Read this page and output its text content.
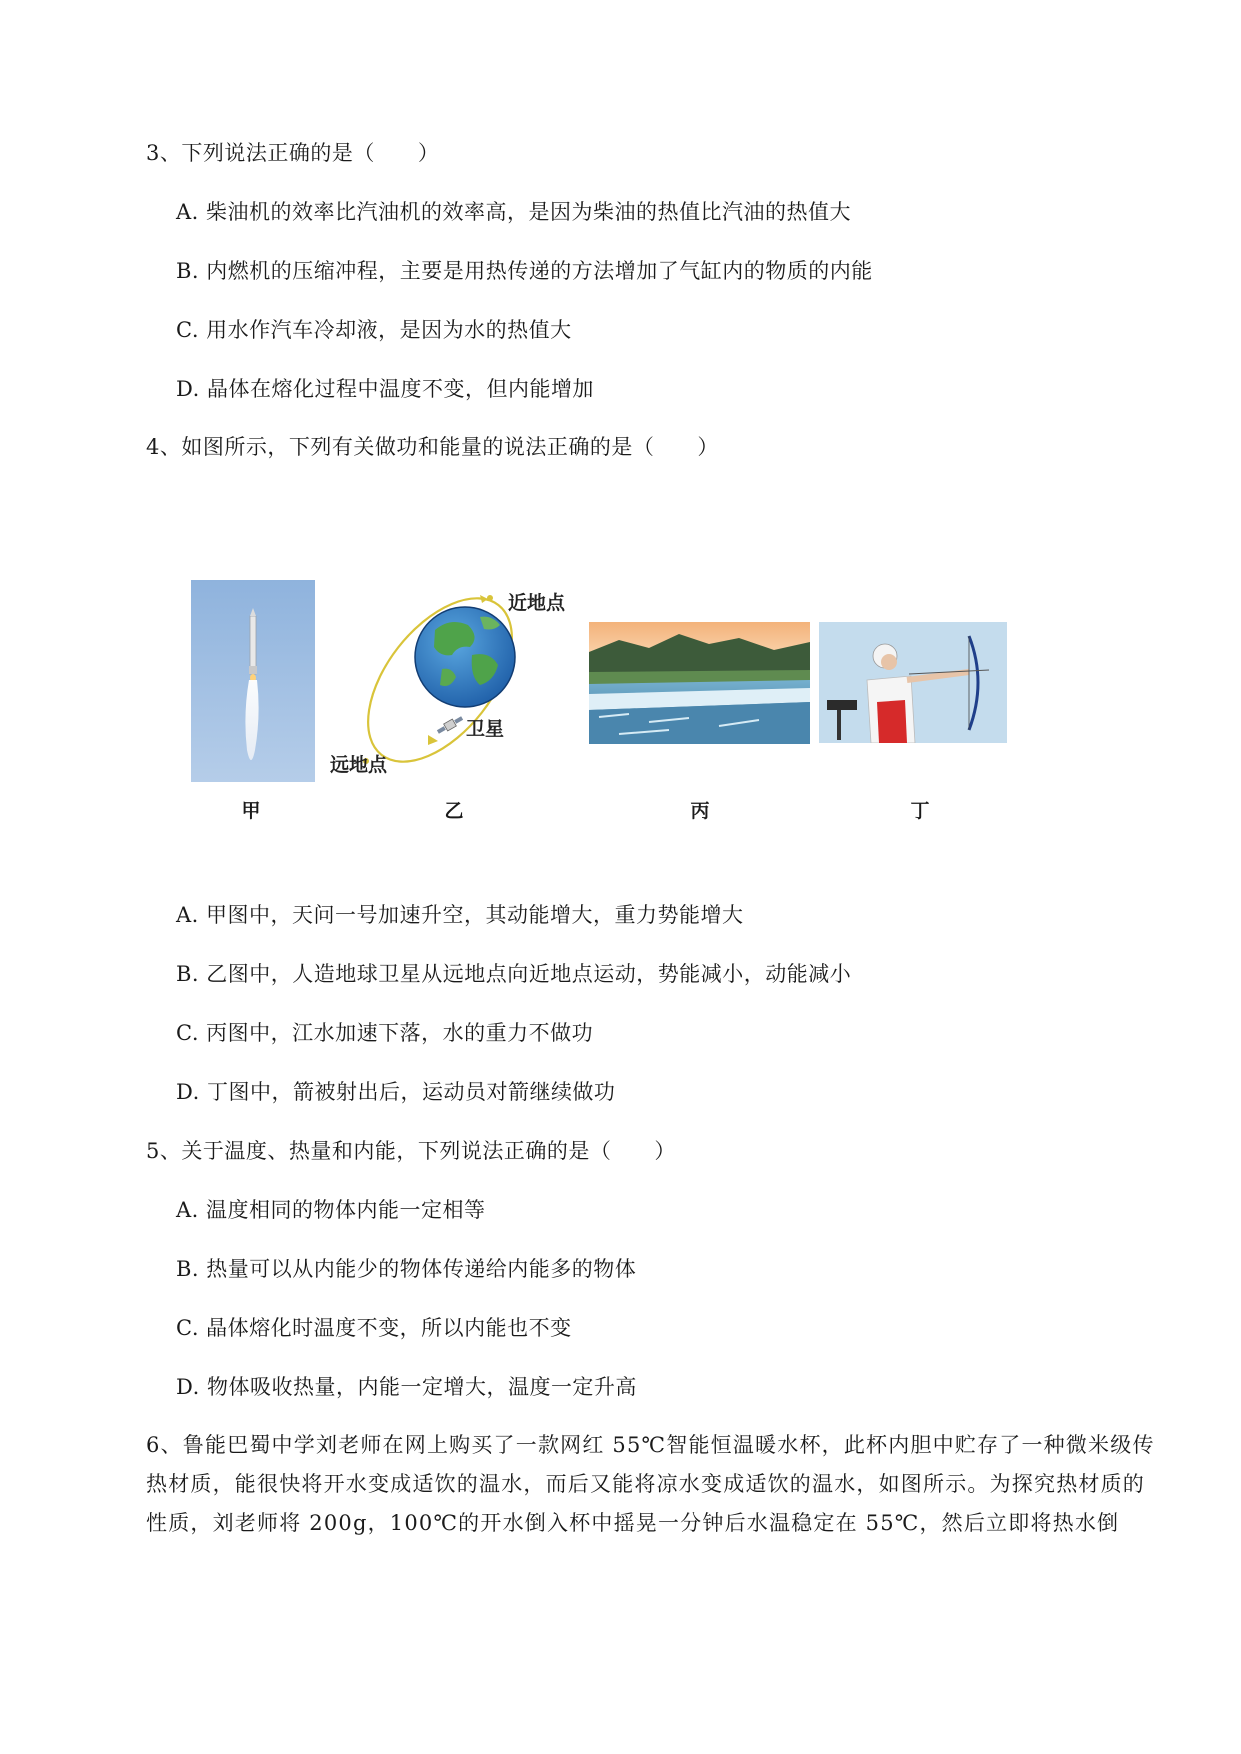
3、下列说法正确的是（　　）
A. 柴油机的效率比汽油机的效率高，是因为柴油的热值比汽油的热值大
B. 内燃机的压缩冲程，主要是用热传递的方法增加了气缸内的物质的内能
C. 用水作汽车冷却液，是因为水的热值大
D. 晶体在熔化过程中温度不变，但内能增加
4、如图所示，下列有关做功和能量的说法正确的是（　　）
甲
近地点
卫星
远地点
乙	丙	丁
A. 甲图中，天问一号加速升空，其动能增大，重力势能增大
B. 乙图中，人造地球卫星从远地点向近地点运动，势能减小，动能减小
C. 丙图中，江水加速下落，水的重力不做功
D. 丁图中，箭被射出后，运动员对箭继续做功
5、关于温度、热量和内能，下列说法正确的是（　　）
A. 温度相同的物体内能一定相等
B. 热量可以从内能少的物体传递给内能多的物体
C. 晶体熔化时温度不变，所以内能也不变
D. 物体吸收热量，内能一定增大，温度一定升高
6、鲁能巴蜀中学刘老师在网上购买了一款网红 55℃智能恒温暖水杯，此杯内胆中贮存了一种微米级传热材质，能很快将开水变成适饮的温水，而后又能将凉水变成适饮的温水，如图所示。为探究热材质的性质，刘老师将 200g，100℃的开水倒入杯中摇晃一分钟后水温稳定在 55℃，然后立即将热水倒
